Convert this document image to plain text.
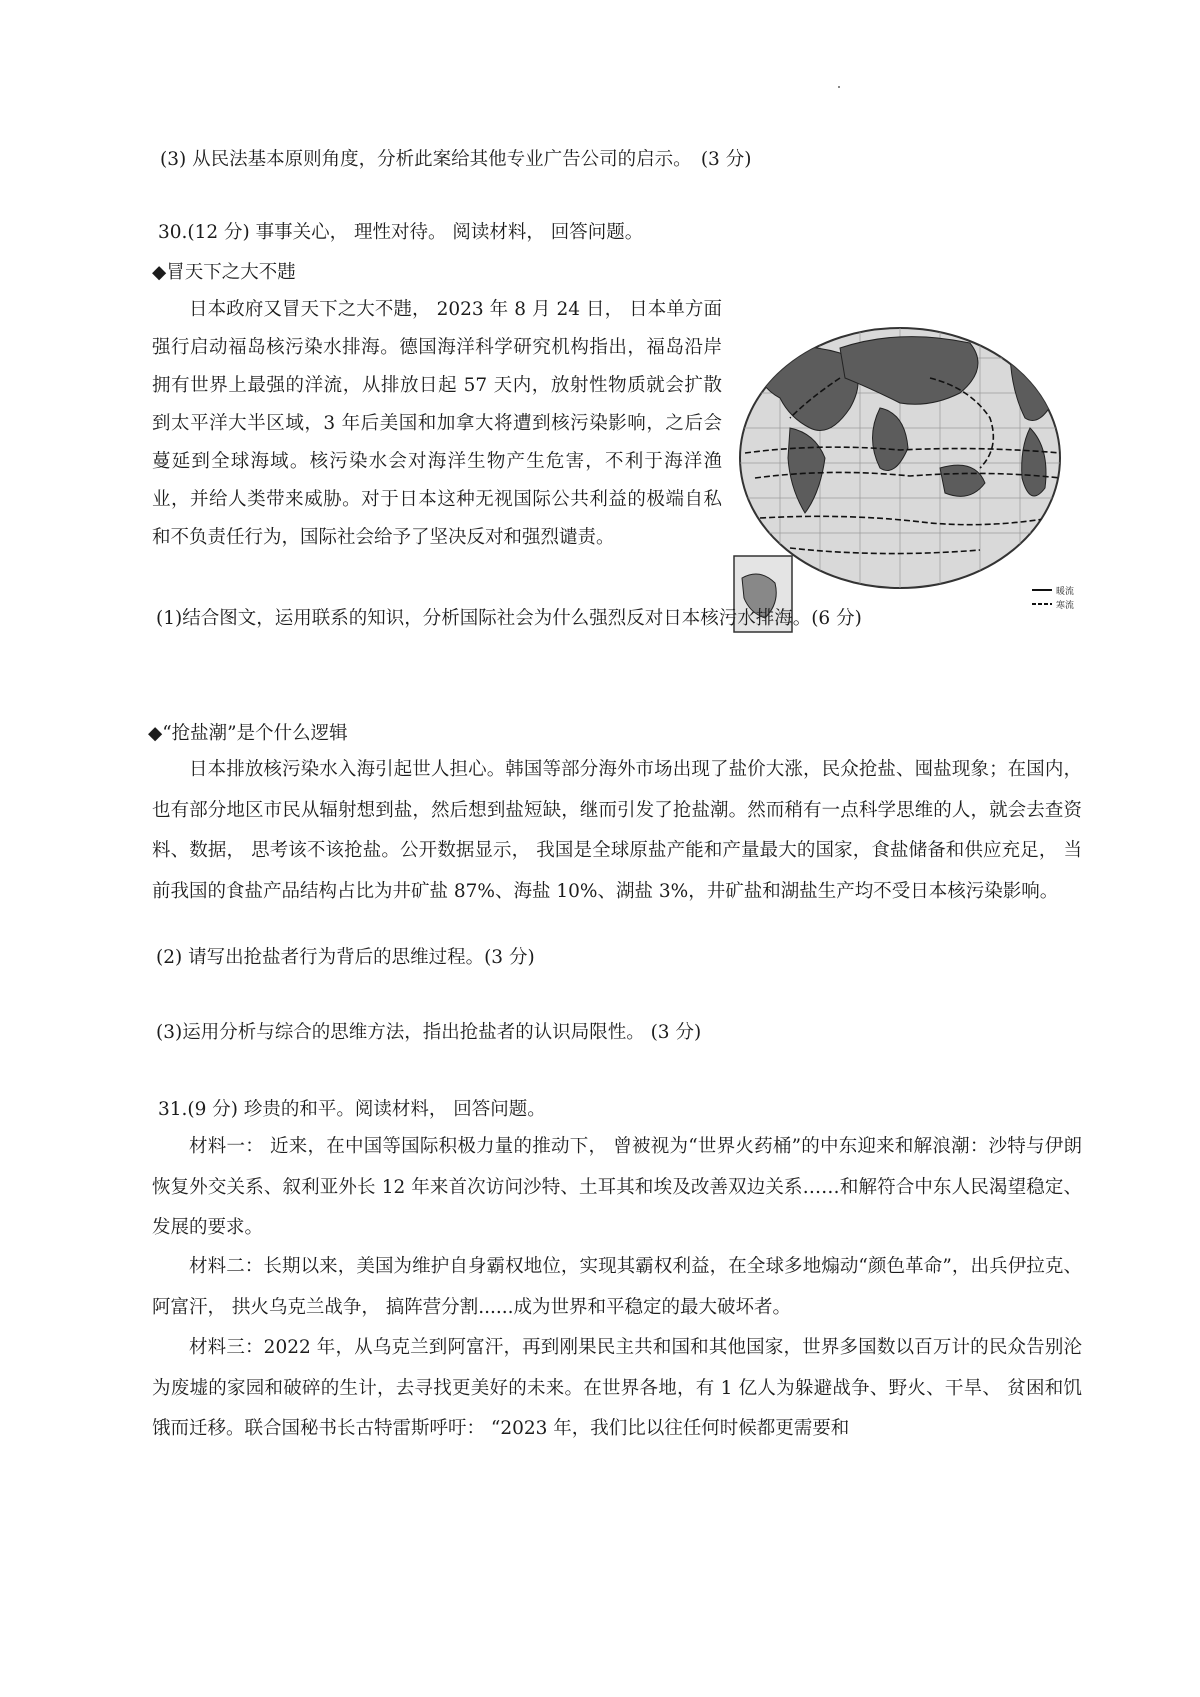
(3) 从民法基本原则角度，分析此案给其他专业广告公司的启示。　(3 分)
30.(12 分) 事事关心， 理性对待。 阅读材料， 回答问题。
◆冒天下之大不韪
日本政府又冒天下之大不韪， 2023 年 8 月 24 日， 日本单方面强行启动福岛核污染水排海。德国海洋科学研究机构指出，福岛沿岸拥有世界上最强的洋流，从排放日起 57 天内，放射性物质就会扩散到太平洋大半区域，3 年后美国和加拿大将遭到核污染影响，之后会蔓延到全球海域。核污染水会对海洋生物产生危害，不利于海洋渔业，并给人类带来威胁。对于日本这种无视国际公共利益的极端自私和不负责任行为，国际社会给予了坚决反对和强烈谴责。
暖流
寒流
(1)结合图文，运用联系的知识，分析国际社会为什么强烈反对日本核污水排海。(6 分)
◆“抢盐潮”是个什么逻辑
日本排放核污染水入海引起世人担心。韩国等部分海外市场出现了盐价大涨，民众抢盐、囤盐现象；在国内，也有部分地区市民从辐射想到盐，然后想到盐短缺，继而引发了抢盐潮。然而稍有一点科学思维的人，就会去查资料、数据， 思考该不该抢盐。公开数据显示， 我国是全球原盐产能和产量最大的国家，食盐储备和供应充足， 当前我国的食盐产品结构占比为井矿盐 87%、海盐 10%、湖盐 3%，井矿盐和湖盐生产均不受日本核污染影响。
(2) 请写出抢盐者行为背后的思维过程。(3 分)
(3)运用分析与综合的思维方法，指出抢盐者的认识局限性。 (3 分)
31.(9 分) 珍贵的和平。阅读材料， 回答问题。
材料一： 近来，在中国等国际积极力量的推动下， 曾被视为“世界火药桶”的中东迎来和解浪潮：沙特与伊朗恢复外交关系、叙利亚外长 12 年来首次访问沙特、土耳其和埃及改善双边关系……和解符合中东人民渴望稳定、发展的要求。
材料二：长期以来，美国为维护自身霸权地位，实现其霸权利益，在全球多地煽动“颜色革命”，出兵伊拉克、 阿富汗， 拱火乌克兰战争， 搞阵营分割......成为世界和平稳定的最大破坏者。
材料三：2022 年，从乌克兰到阿富汗，再到刚果民主共和国和其他国家，世界多国数以百万计的民众告别沦为废墟的家园和破碎的生计，去寻找更美好的未来。在世界各地，有 1 亿人为躲避战争、野火、干旱、 贫困和饥饿而迁移。联合国秘书长古特雷斯呼吁： “2023 年，我们比以往任何时候都更需要和
